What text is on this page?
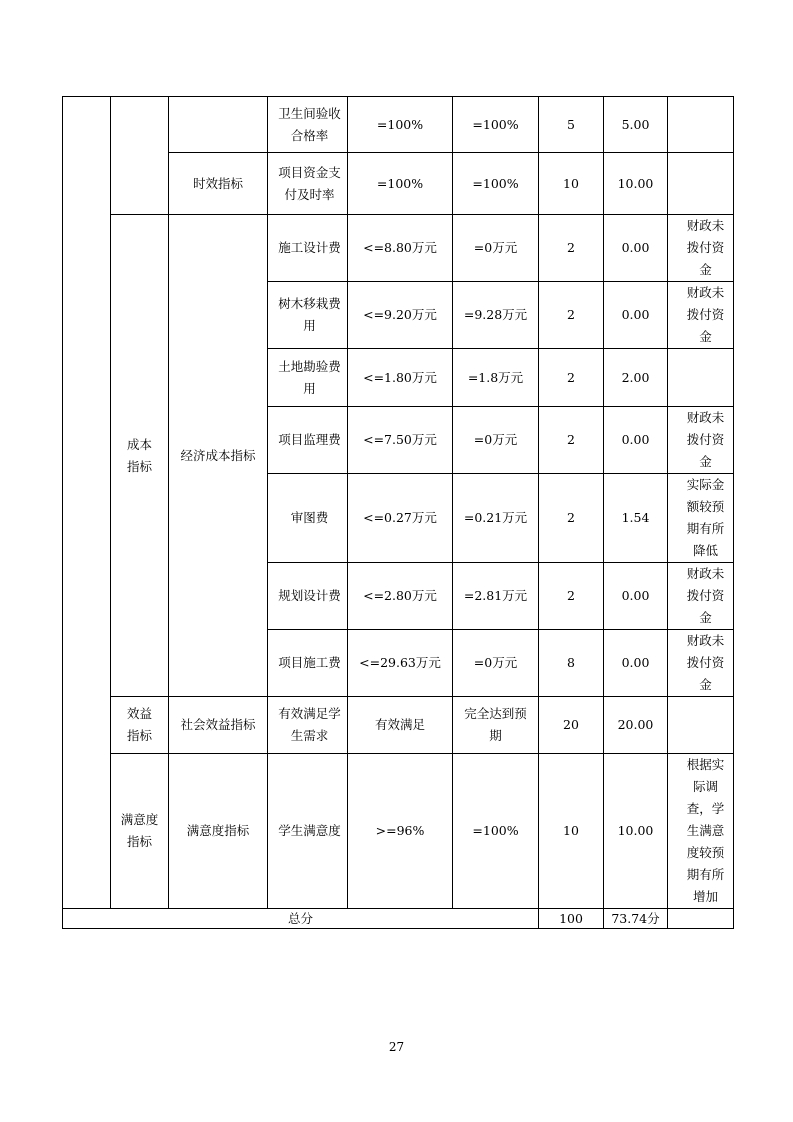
			卫生间验收合格率	=100%	=100%	5	5.00	
		时效指标	项目资金支付及时率	=100%	=100%	10	10.00	
	成本指标	经济成本指标	施工设计费	<=8.80万元	=0万元	2	0.00	财政未拨付资金
			树木移栽费用	<=9.20万元	=9.28万元	2	0.00	财政未拨付资金
			土地勘验费用	<=1.80万元	=1.8万元	2	2.00	
			项目监理费	<=7.50万元	=0万元	2	0.00	财政未拨付资金
			审图费	<=0.27万元	=0.21万元	2	1.54	实际金额较预期有所降低
			规划设计费	<=2.80万元	=2.81万元	2	0.00	财政未拨付资金
			项目施工费	<=29.63万元	=0万元	8	0.00	财政未拨付资金
	效益指标	社会效益指标	有效满足学生需求	有效满足	完全达到预期	20	20.00	
	满意度指标	满意度指标	学生满意度	>=96%	=100%	10	10.00	根据实际调查，学生满意度较预期有所增加
总分						100	73.74分	
27
